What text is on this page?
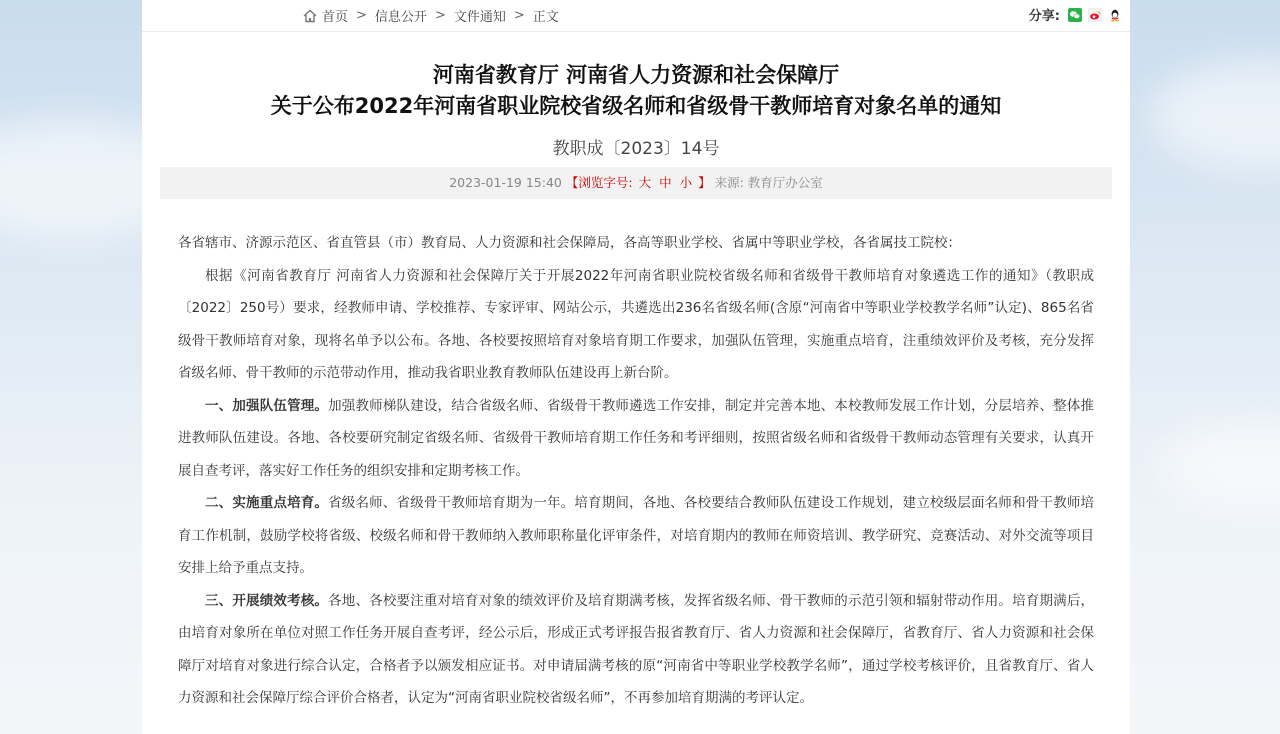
首页 > 信息公开 > 文件通知 > 正文	分享:
河南省教育厅 河南省人力资源和社会保障厅
关于公布2022年河南省职业院校省级名师和省级骨干教师培育对象名单的通知
教职成〔2023〕14号
2023-01-19 15:40 【浏览字号: 大 中 小 】 来源: 教育厅办公室

各省辖市、济源示范区、省直管县（市）教育局、人力资源和社会保障局，各高等职业学校、省属中等职业学校，各省属技工院校：

根据《河南省教育厅 河南省人力资源和社会保障厅关于开展2022年河南省职业院校省级名师和省级骨干教师培育对象遴选工作的通知》（教职成〔2022〕250号）要求，经教师申请、学校推荐、专家评审、网站公示，共遴选出236名省级名师(含原“河南省中等职业学校教学名师”认定)、865名省级骨干教师培育对象，现将名单予以公布。各地、各校要按照培育对象培育期工作要求，加强队伍管理，实施重点培育，注重绩效评价及考核，充分发挥省级名师、骨干教师的示范带动作用，推动我省职业教育教师队伍建设再上新台阶。

一、加强队伍管理。加强教师梯队建设，结合省级名师、省级骨干教师遴选工作安排，制定并完善本地、本校教师发展工作计划，分层培养、整体推进教师队伍建设。各地、各校要研究制定省级名师、省级骨干教师培育期工作任务和考评细则，按照省级名师和省级骨干教师动态管理有关要求，认真开展自查考评，落实好工作任务的组织安排和定期考核工作。

二、实施重点培育。省级名师、省级骨干教师培育期为一年。培育期间，各地、各校要结合教师队伍建设工作规划，建立校级层面名师和骨干教师培育工作机制，鼓励学校将省级、校级名师和骨干教师纳入教师职称量化评审条件，对培育期内的教师在师资培训、教学研究、竞赛活动、对外交流等项目安排上给予重点支持。

三、开展绩效考核。各地、各校要注重对培育对象的绩效评价及培育期满考核，发挥省级名师、骨干教师的示范引领和辐射带动作用。培育期满后，由培育对象所在单位对照工作任务开展自查考评，经公示后，形成正式考评报告报省教育厅、省人力资源和社会保障厅，省教育厅、省人力资源和社会保障厅对培育对象进行综合认定，合格者予以颁发相应证书。对申请届满考核的原“河南省中等职业学校教学名师”，通过学校考核评价，且省教育厅、省人力资源和社会保障厅综合评价合格者，认定为“河南省职业院校省级名师”，不再参加培育期满的考评认定。
